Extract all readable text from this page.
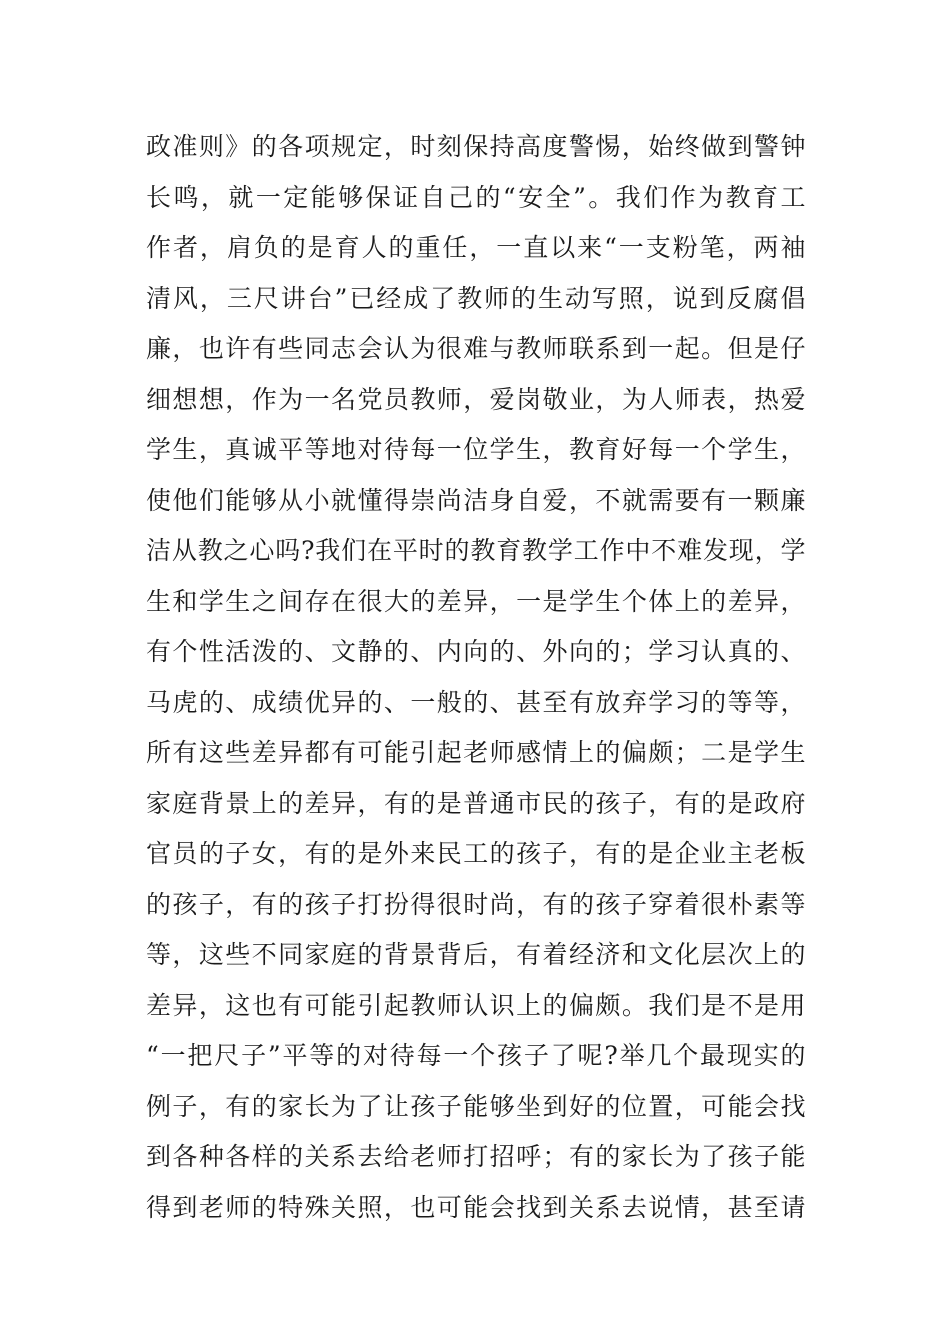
政准则》的各项规定，时刻保持高度警惕，始终做到警钟
长鸣，就一定能够保证自己的“安全”。我们作为教育工
作者，肩负的是育人的重任，一直以来“一支粉笔，两袖
清风，三尺讲台”已经成了教师的生动写照，说到反腐倡
廉，也许有些同志会认为很难与教师联系到一起。但是仔
细想想，作为一名党员教师，爱岗敬业，为人师表，热爱
学生，真诚平等地对待每一位学生，教育好每一个学生，
使他们能够从小就懂得崇尚洁身自爱，不就需要有一颗廉
洁从教之心吗?我们在平时的教育教学工作中不难发现，学
生和学生之间存在很大的差异，一是学生个体上的差异，
有个性活泼的、文静的、内向的、外向的；学习认真的、
马虎的、成绩优异的、一般的、甚至有放弃学习的等等，
所有这些差异都有可能引起老师感情上的偏颇；二是学生
家庭背景上的差异，有的是普通市民的孩子，有的是政府
官员的子女，有的是外来民工的孩子，有的是企业主老板
的孩子，有的孩子打扮得很时尚，有的孩子穿着很朴素等
等，这些不同家庭的背景背后，有着经济和文化层次上的
差异，这也有可能引起教师认识上的偏颇。我们是不是用
“一把尺子”平等的对待每一个孩子了呢?举几个最现实的
例子，有的家长为了让孩子能够坐到好的位置，可能会找
到各种各样的关系去给老师打招呼；有的家长为了孩子能
得到老师的特殊关照，也可能会找到关系去说情，甚至请
